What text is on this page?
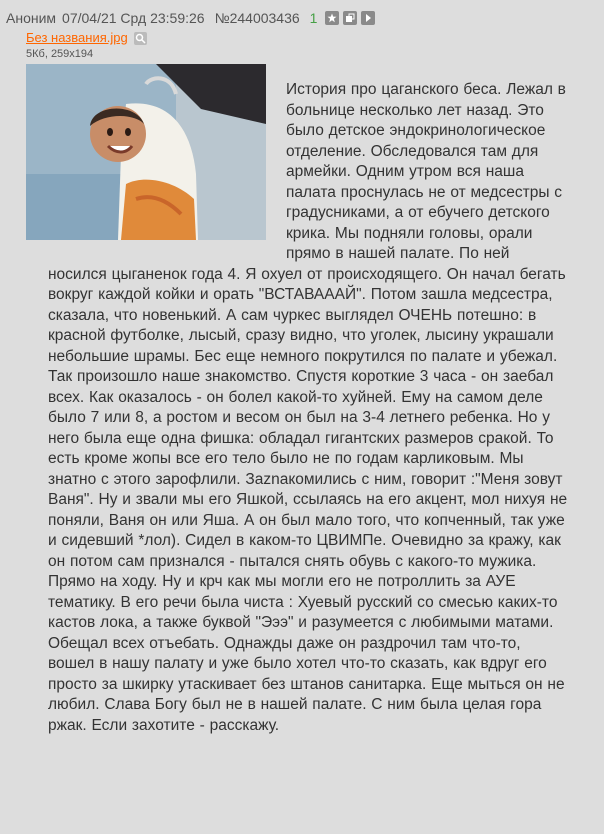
Аноним 07/04/21 Срд 23:59:26 №244003436 1
Без названия.jpg
5Кб, 259x194
История про цаганского беса. Лежал в больнице несколько лет назад. Это было детское эндокринологическое отделение. Обследовался там для армейки. Одним утром вся наша палата проснулась не от медсестры с градусниками, а от ебучего детского крика. Мы подняли головы, орали прямо в нашей палате. По ней носился цыганенок года 4. Я охуел от происходящего. Он начал бегать вокруг каждой койки и орать "ВСТАВАААЙ". Потом зашла медсестра, сказала, что новенький. А сам чуркес выглядел ОЧЕНЬ потешно: в красной футболке, лысый, сразу видно, что уголек, лысину украшали небольшие шрамы. Бес еще немного покрутился по палате и убежал. Так произошло наше знакомство. Спустя короткие 3 часа - он заебал всех. Как оказалось - он болел какой-то хуйней. Ему на самом деле было 7 или 8, а ростом и весом он был на 3-4 летнего ребенка. Но у него была еще одна фишка: обладал гигантских размеров сракой. То есть кроме жопы все его тело было не по годам карликовым. Мы знатно с этого зарофлили. Заznакомились с ним, говорит :"Меня зовут Ваня". Ну и звали мы его Яшкой, ссылаясь на его акцент, мол нихуя не поняли, Ваня он или Яша. А он был мало того, что копченный, так уже и сидевший *лол). Сидел в каком-то ЦВИМПе. Очевидно за кражу, как он потом сам признался - пытался снять обувь с какого-то мужика. Прямо на ходу. Ну и крч как мы могли его не потроллить за АУЕ тематику. В его речи была чиста : Хуевый русский со смесью каких-то кастов лока, а также буквой "Эээ" и разумеется с любимыми матами. Обещал всех отъебать. Однажды даже он раздрочил там что-то, вошел в нашу палату и уже было хотел что-то сказать, как вдруг его просто за шкирку утаскивает без штанов санитарка. Еще мыться он не любил. Слава Богу был не в нашей палате. С ним была целая гора ржак. Если захотите - расскажу.
